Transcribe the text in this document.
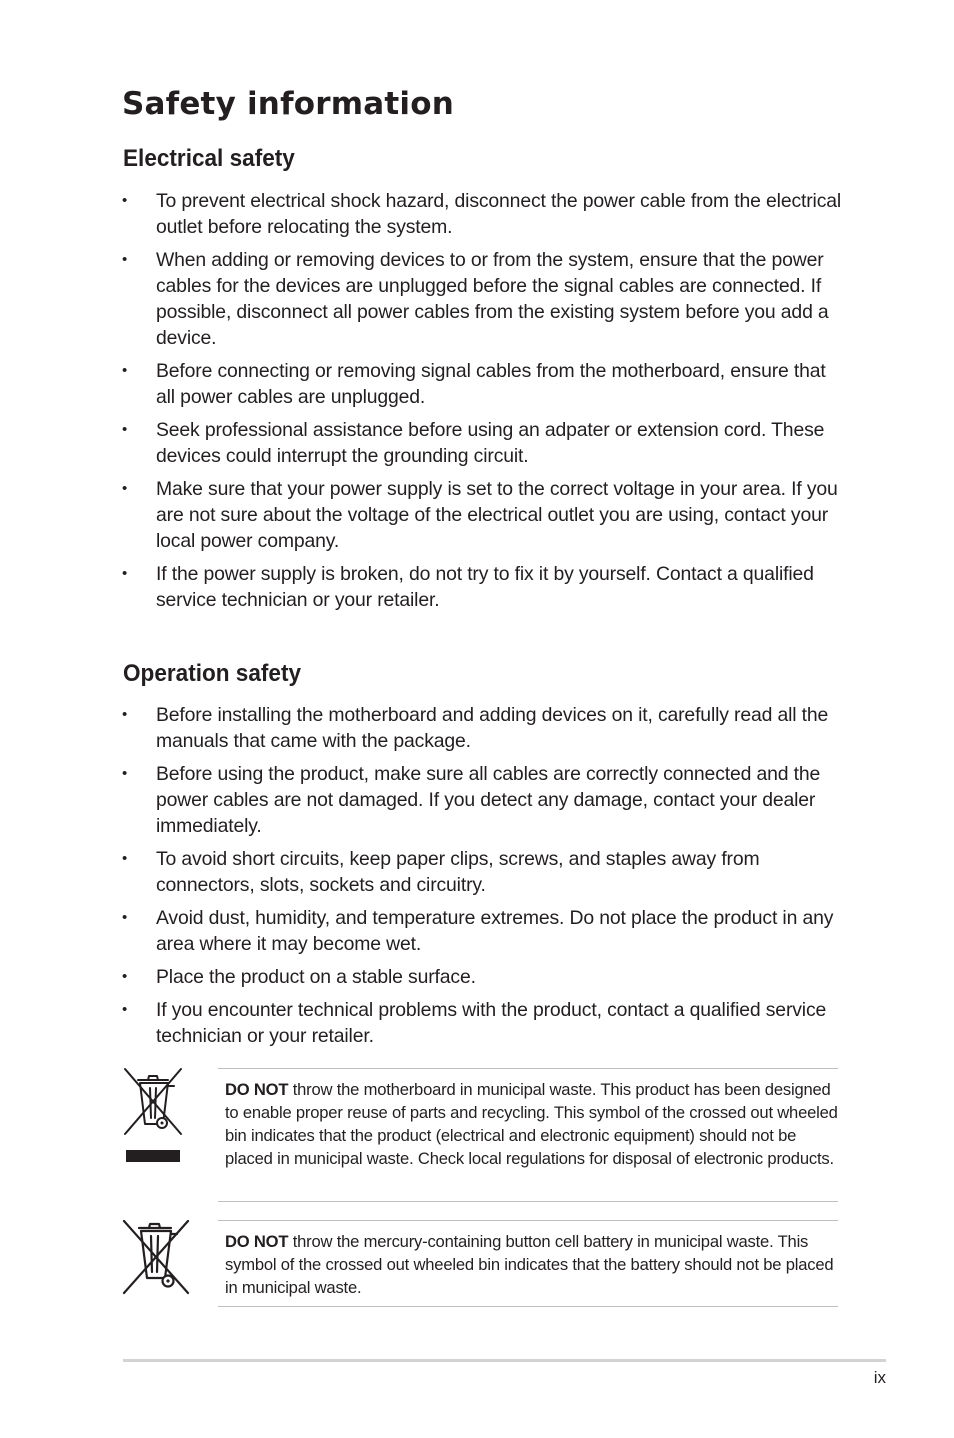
Safety information
Electrical safety
• To prevent electrical shock hazard, disconnect the power cable from the electrical outlet before relocating the system.
• When adding or removing devices to or from the system, ensure that the power cables for the devices are unplugged before the signal cables are connected. If possible, disconnect all power cables from the existing system before you add a device.
• Before connecting or removing signal cables from the motherboard, ensure that all power cables are unplugged.
• Seek professional assistance before using an adpater or extension cord. These devices could interrupt the grounding circuit.
• Make sure that your power supply is set to the correct voltage in your area. If you are not sure about the voltage of the electrical outlet you are using, contact your local power company.
• If the power supply is broken, do not try to fix it by yourself. Contact a qualified service technician or your retailer.
Operation safety
• Before installing the motherboard and adding devices on it, carefully read all the manuals that came with the package.
• Before using the product, make sure all cables are correctly connected and the power cables are not damaged. If you detect any damage, contact your dealer immediately.
• To avoid short circuits, keep paper clips, screws, and staples away from connectors, slots, sockets and circuitry.
• Avoid dust, humidity, and temperature extremes. Do not place the product in any area where it may become wet.
• Place the product on a stable surface.
• If you encounter technical problems with the product, contact a qualified service technician or your retailer.

DO NOT throw the motherboard in municipal waste. This product has been designed to enable proper reuse of parts and recycling. This symbol of the crossed out wheeled bin indicates that the product (electrical and electronic equipment) should not be placed in municipal waste. Check local regulations for disposal of electronic products.

DO NOT throw the mercury-containing button cell battery in municipal waste. This symbol of the crossed out wheeled bin indicates that the battery should not be placed in municipal waste.

ix
